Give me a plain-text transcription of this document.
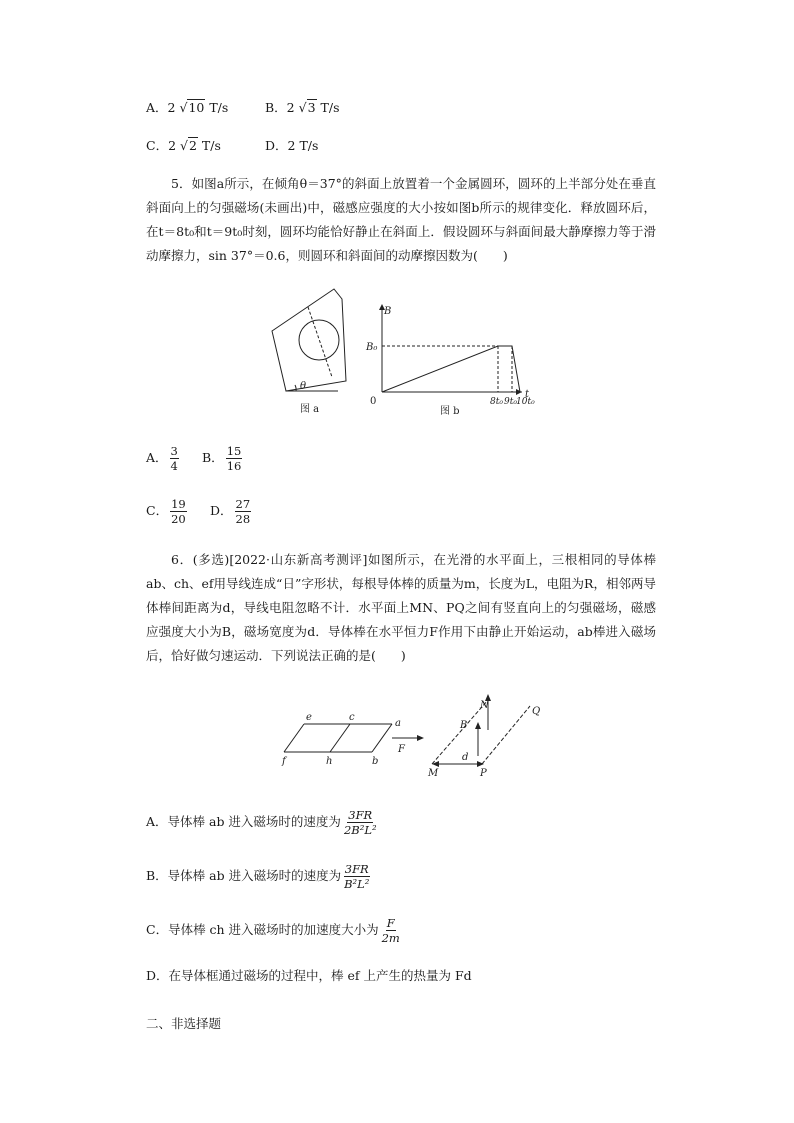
A．2 √10 T/s	B．2 √3 T/s
C．2 √2 T/s	D．2 T/s
5．如图a所示，在倾角θ＝37°的斜面上放置着一个金属圆环，圆环的上半部分处在垂直斜面向上的匀强磁场(未画出)中，磁感应强度的大小按如图b所示的规律变化．释放圆环后，在t＝8t₀和t＝9t₀时刻，圆环均能恰好静止在斜面上．假设圆环与斜面间最大静摩擦力等于滑动摩擦力，sin 37°＝0.6，则圆环和斜面间的动摩擦因数为(　　)
θ
图 a
B
t
0
B₀
8t₀ 9t₀ 10t₀
图 b
A． $\frac{3}{4}$ B． $\frac{15}{16}$
C． $\frac{19}{20}$ D． $\frac{27}{28}$
6．(多选)[2022·山东新高考测评]如图所示，在光滑的水平面上，三根相同的导体棒ab、ch、ef用导线连成“日”字形状，每根导体棒的质量为m，长度为L，电阻为R，相邻两导体棒间距离为d，导线电阻忽略不计．水平面上MN、PQ之间有竖直向上的匀强磁场，磁感应强度大小为B，磁场宽度为d．导体棒在水平恒力F作用下由静止开始运动，ab棒进入磁场后，恰好做匀速运动．下列说法正确的是(　　)
e	c
a
f	h	b
F
N
B
Q
M
d
P
A．导体棒 ab 进入磁场时的速度为 $\frac{3FR}{\text{2B²L²}}$
B．导体棒 ab 进入磁场时的速度为 $\frac{3FR}{\text{B²L²}}$
C．导体棒 ch 进入磁场时的加速度大小为 $\frac{F}{2m}$
D．在导体框通过磁场的过程中，棒 ef 上产生的热量为 Fd
二、非选择题
